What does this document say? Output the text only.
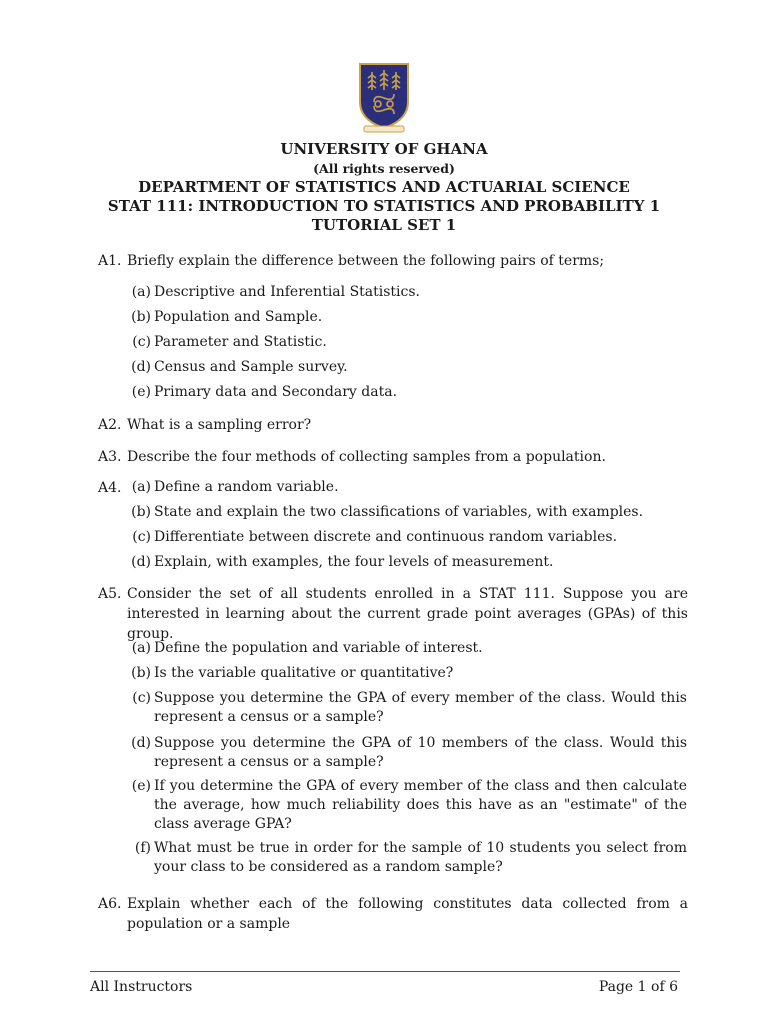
UNIVERSITY OF GHANA
(All rights reserved)
DEPARTMENT OF STATISTICS AND ACTUARIAL SCIENCE
STAT 111: INTRODUCTION TO STATISTICS AND PROBABILITY 1
TUTORIAL SET 1
A1. Briefly explain the difference between the following pairs of terms;
(a) Descriptive and Inferential Statistics.
(b) Population and Sample.
(c) Parameter and Statistic.
(d) Census and Sample survey.
(e) Primary data and Secondary data.
A2. What is a sampling error?
A3. Describe the four methods of collecting samples from a population.
A4. (a) Define a random variable.
(b) State and explain the two classifications of variables, with examples.
(c) Differentiate between discrete and continuous random variables.
(d) Explain, with examples, the four levels of measurement.
A5. Consider the set of all students enrolled in a STAT 111. Suppose you are interested in learning about the current grade point averages (GPAs) of this group.
(a) Define the population and variable of interest.
(b) Is the variable qualitative or quantitative?
(c) Suppose you determine the GPA of every member of the class. Would this represent a census or a sample?
(d) Suppose you determine the GPA of 10 members of the class. Would this represent a census or a sample?
(e) If you determine the GPA of every member of the class and then calculate the average, how much reliability does this have as an "estimate" of the class average GPA?
(f) What must be true in order for the sample of 10 students you select from your class to be considered as a random sample?
A6. Explain whether each of the following constitutes data collected from a population or a sample
All Instructors	Page 1 of 6
